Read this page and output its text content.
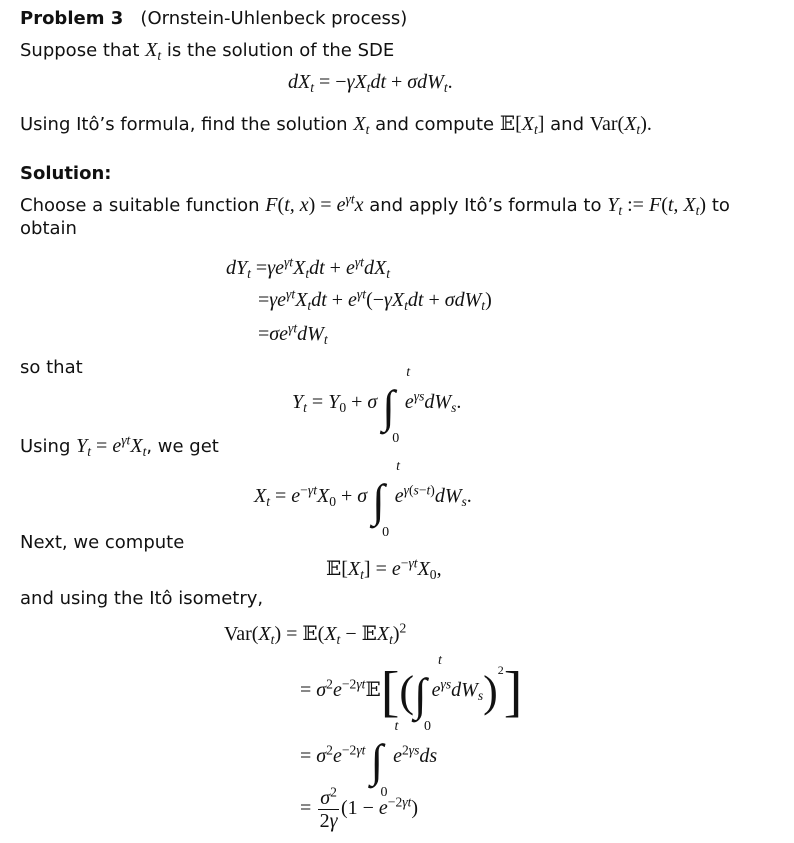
Problem 3 (Ornstein-Uhlenbeck process)
Suppose that $X_t$ is the solution of the SDE
$dX_t = -\gamma X_tdt + \sigma dW_t$.
Using Itô’s formula, find the solution $X_t$ and compute $𝔼[X_t]$ and $Var(X_t)$.
Solution:
Choose a suitable function F(t, $x) = e^{\gamma t}x$ and apply Itô’s formula to $Y_t$ := F(t, $X_t$) to
obtain
$dY_t =\gamma e^{\gamma t}X_tdt + e^{\gamma t}dX_t$
$=\gamma e^{\gamma t}X_tdt + e^{\gamma t}(-\gamma X_tdt + \sigma dW_t)$
$=\sigma e^{\gamma t}dW_t$
so that
$Y_t = Y_0 + \sigma$ ∫
t
0
$e^{\gamma s}dW_s$.
Using $Y_t = e^{\gamma t}X_t$, we get
$X_t = e^{-\gamma t}X_0 + \sigma$ ∫
t
0
$e^{\gamma(s-t)}dW_s$.
Next, we compute
$𝔼[X_t] = e^{-\gamma t}X_0$,
and using the Itô isometry,
$Var(X_t)$ = $𝔼(X_t$ − 𝔼X$_t$)$^2$
= $\sigma^2e^{-2\gamma t}𝔼[(\int$
t
0
$e^{\gamma s}dW_s)^2$]
= $\sigma^2e^{-2\gamma t}$ ∫
t
0
$e^{2\gamma s}ds$
= $\frac{\sigma^2}{2\gamma} (1 - e^{-2\gamma t})$
